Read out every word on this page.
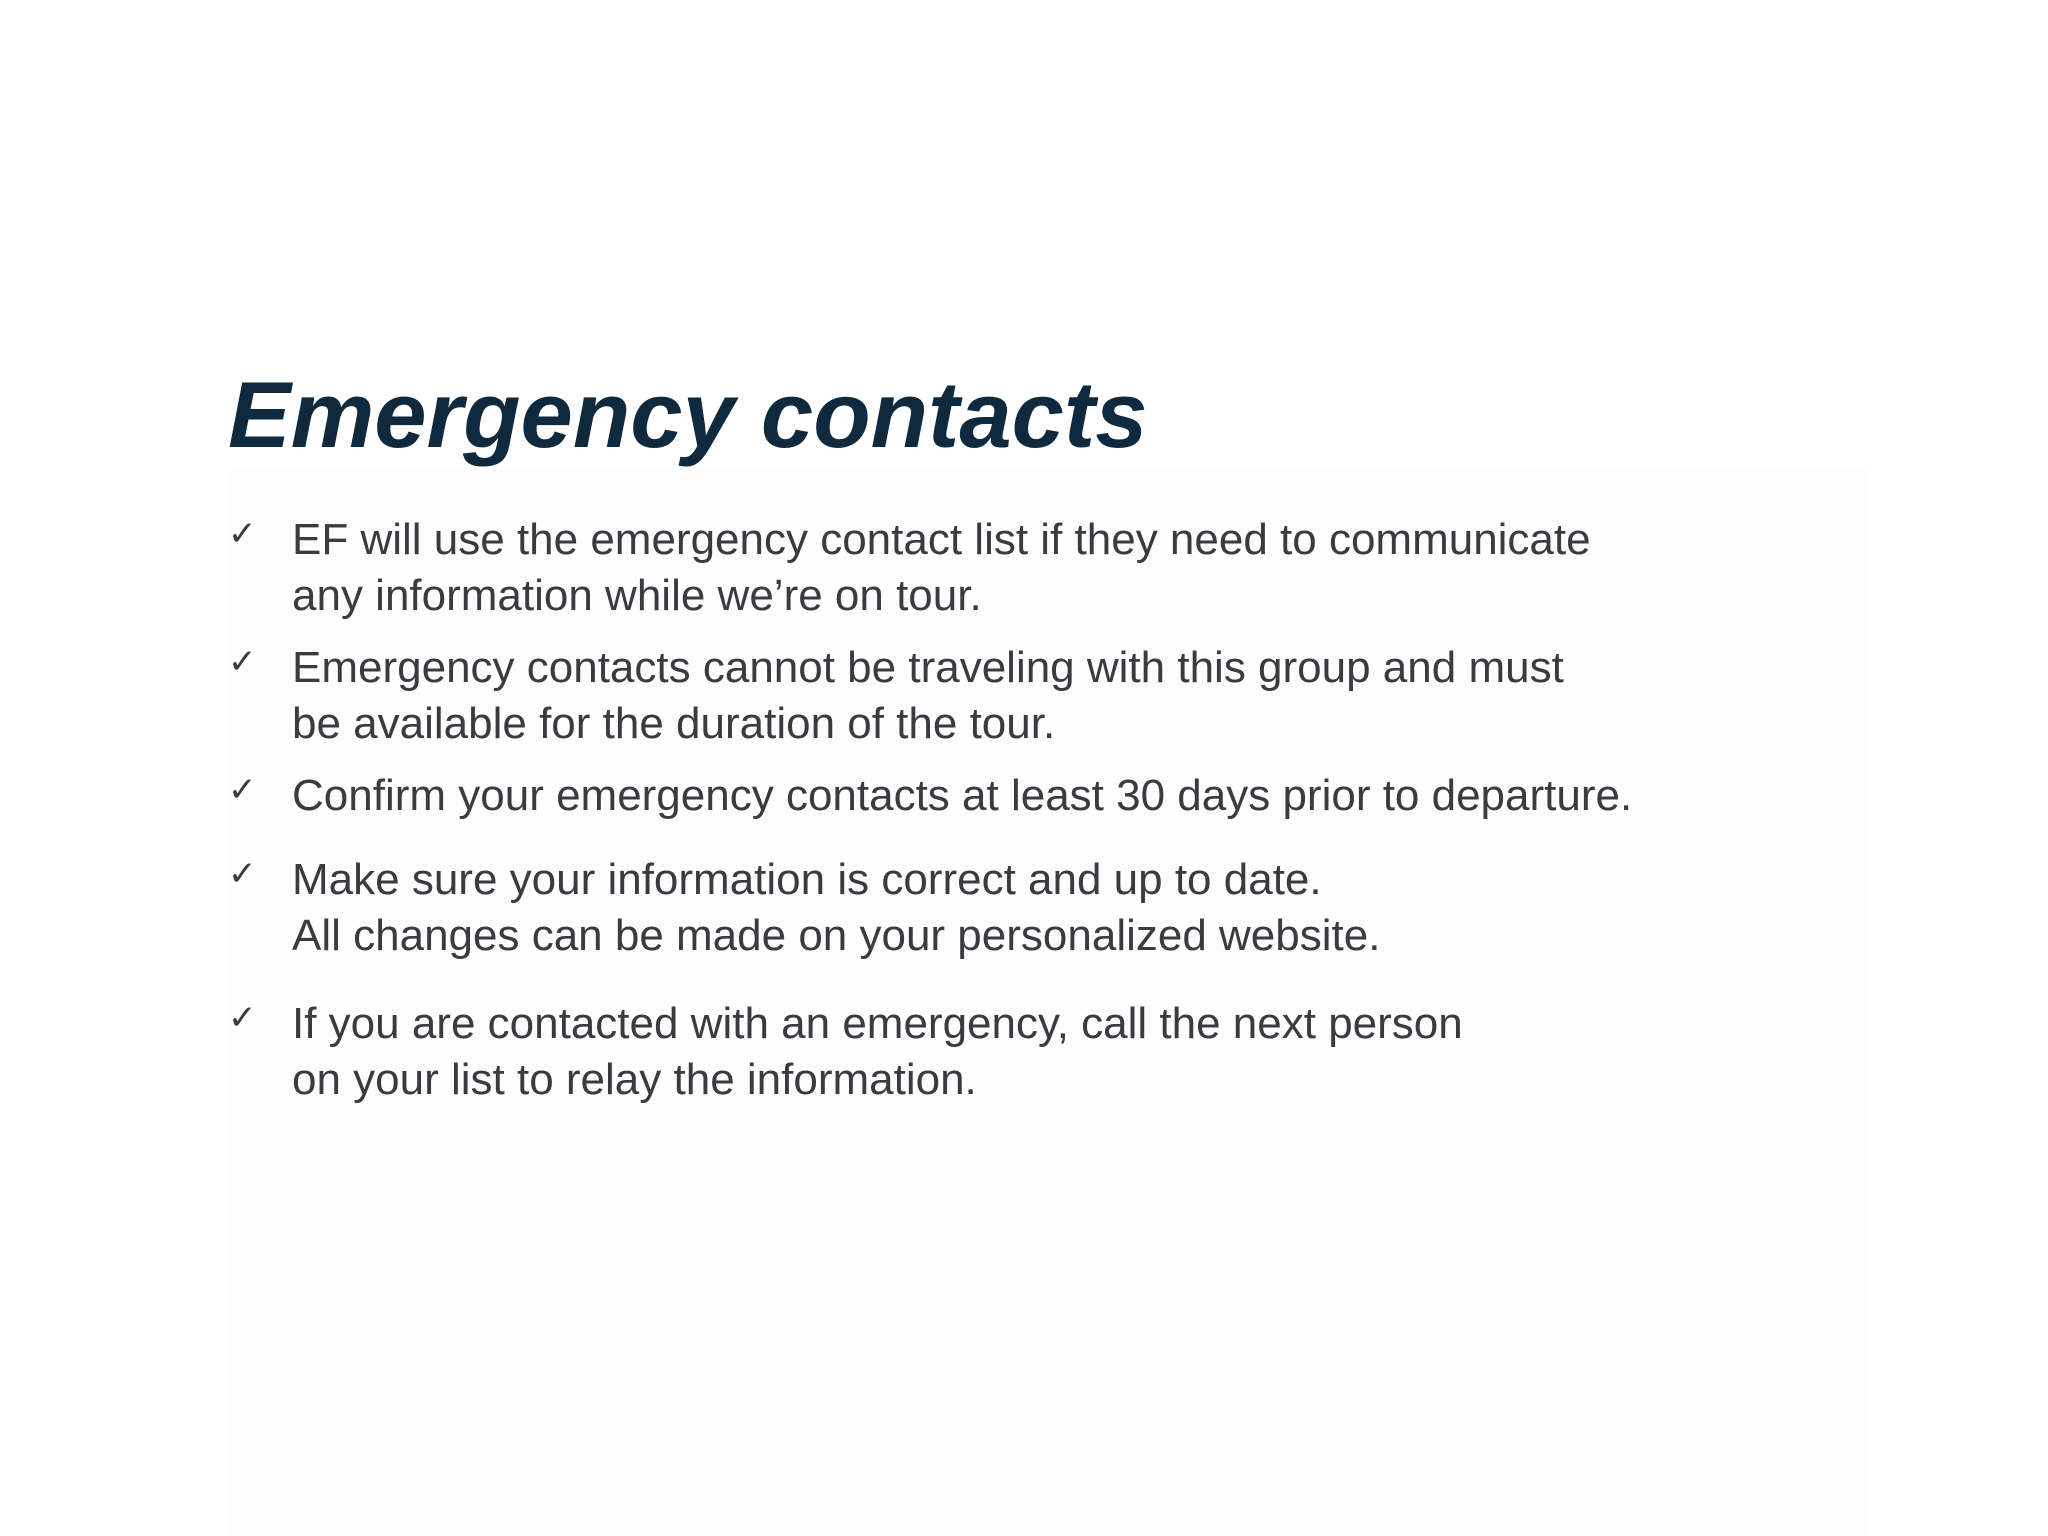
Emergency contacts
✓ EF will use the emergency contact list if they need to communicate
any information while we’re on tour.
✓ Emergency contacts cannot be traveling with this group and must
be available for the duration of the tour.
✓ Confirm your emergency contacts at least 30 days prior to departure.
✓ Make sure your information is correct and up to date.
All changes can be made on your personalized website.
✓ If you are contacted with an emergency, call the next person
on your list to relay the information.
